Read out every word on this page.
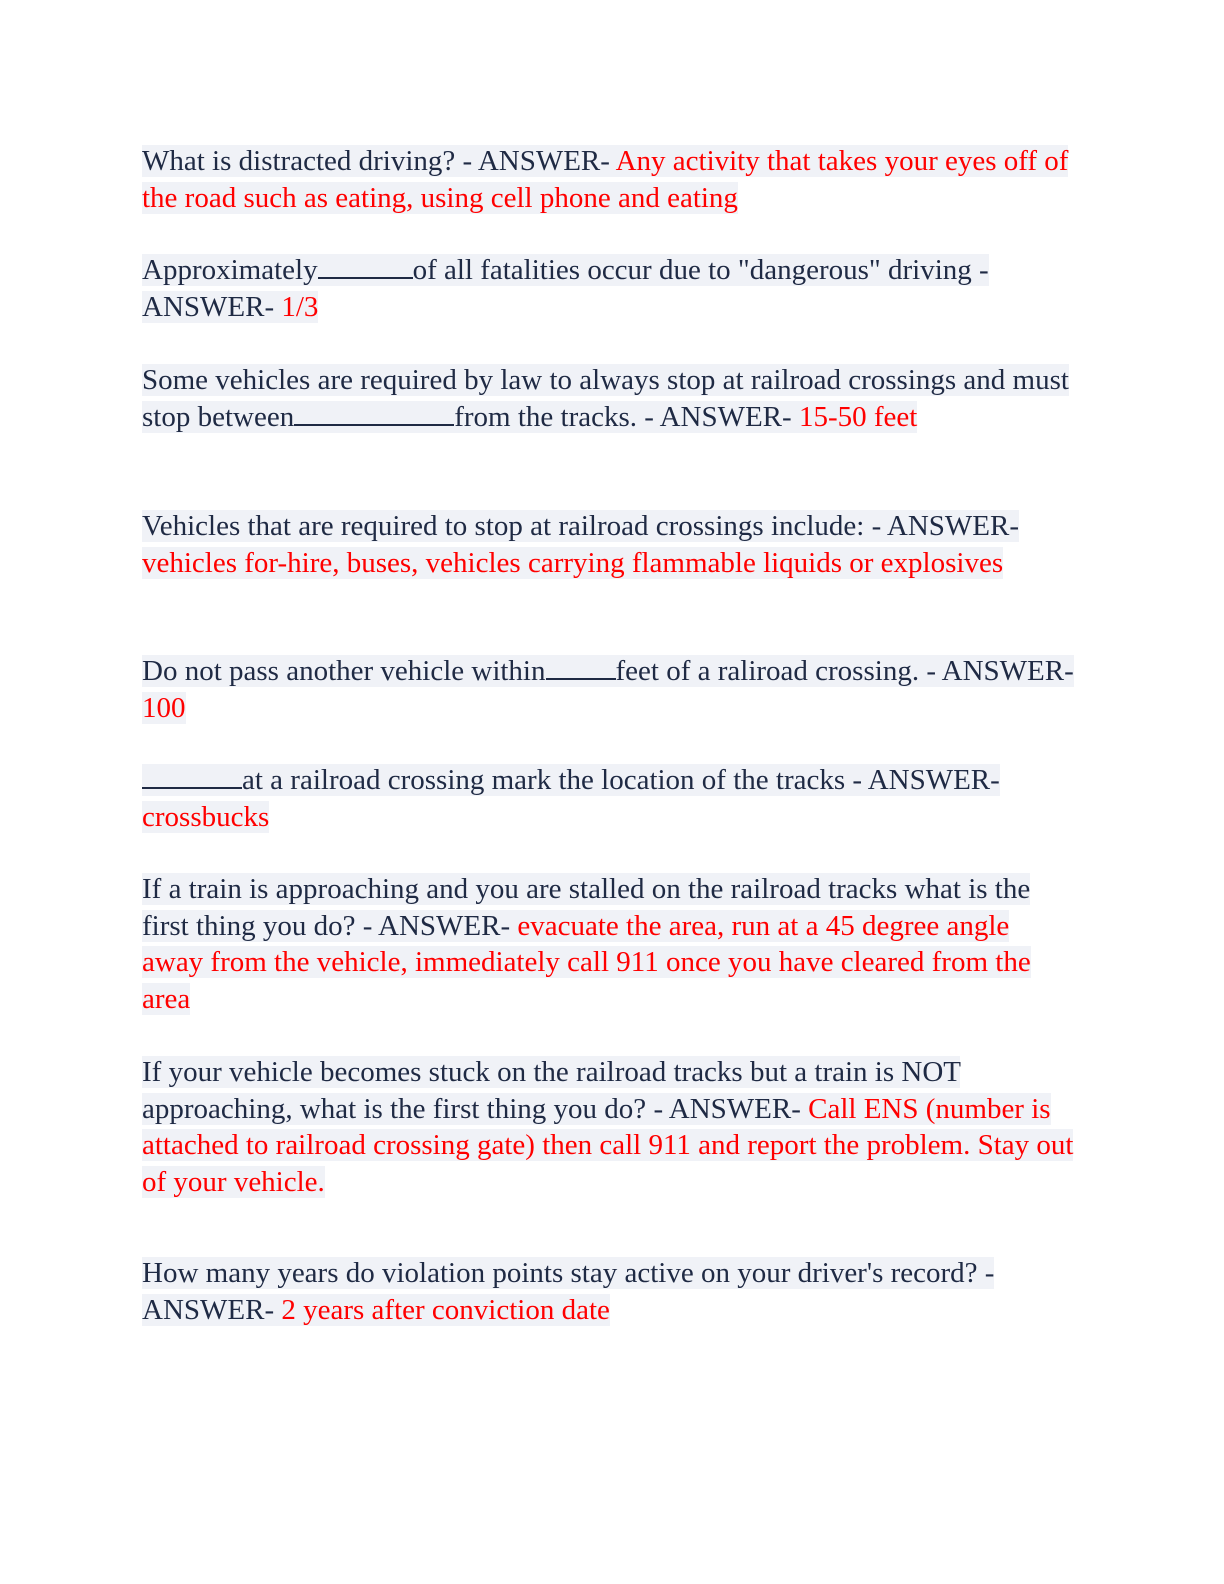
What is distracted driving? - ANSWER- Any activity that takes your eyes off of the road such as eating, using cell phone and eating
Approximately	of all fatalities occur due to "dangerous" driving - ANSWER- 1/3
Some vehicles are required by law to always stop at railroad crossings and must stop between	from the tracks. - ANSWER- 15-50 feet
Vehicles that are required to stop at railroad crossings include: - ANSWER- vehicles for-hire, buses, vehicles carrying flammable liquids or explosives
Do not pass another vehicle within feet of a raliroad crossing. - ANSWER- 100
at a railroad crossing mark the location of the tracks - ANSWER- crossbucks
If a train is approaching and you are stalled on the railroad tracks what is the first thing you do? - ANSWER- evacuate the area, run at a 45 degree angle away from the vehicle, immediately call 911 once you have cleared from the area
If your vehicle becomes stuck on the railroad tracks but a train is NOT approaching, what is the first thing you do? - ANSWER- Call ENS (number is attached to railroad crossing gate) then call 911 and report the problem. Stay out of your vehicle.
How many years do violation points stay active on your driver's record? - ANSWER- 2 years after conviction date
